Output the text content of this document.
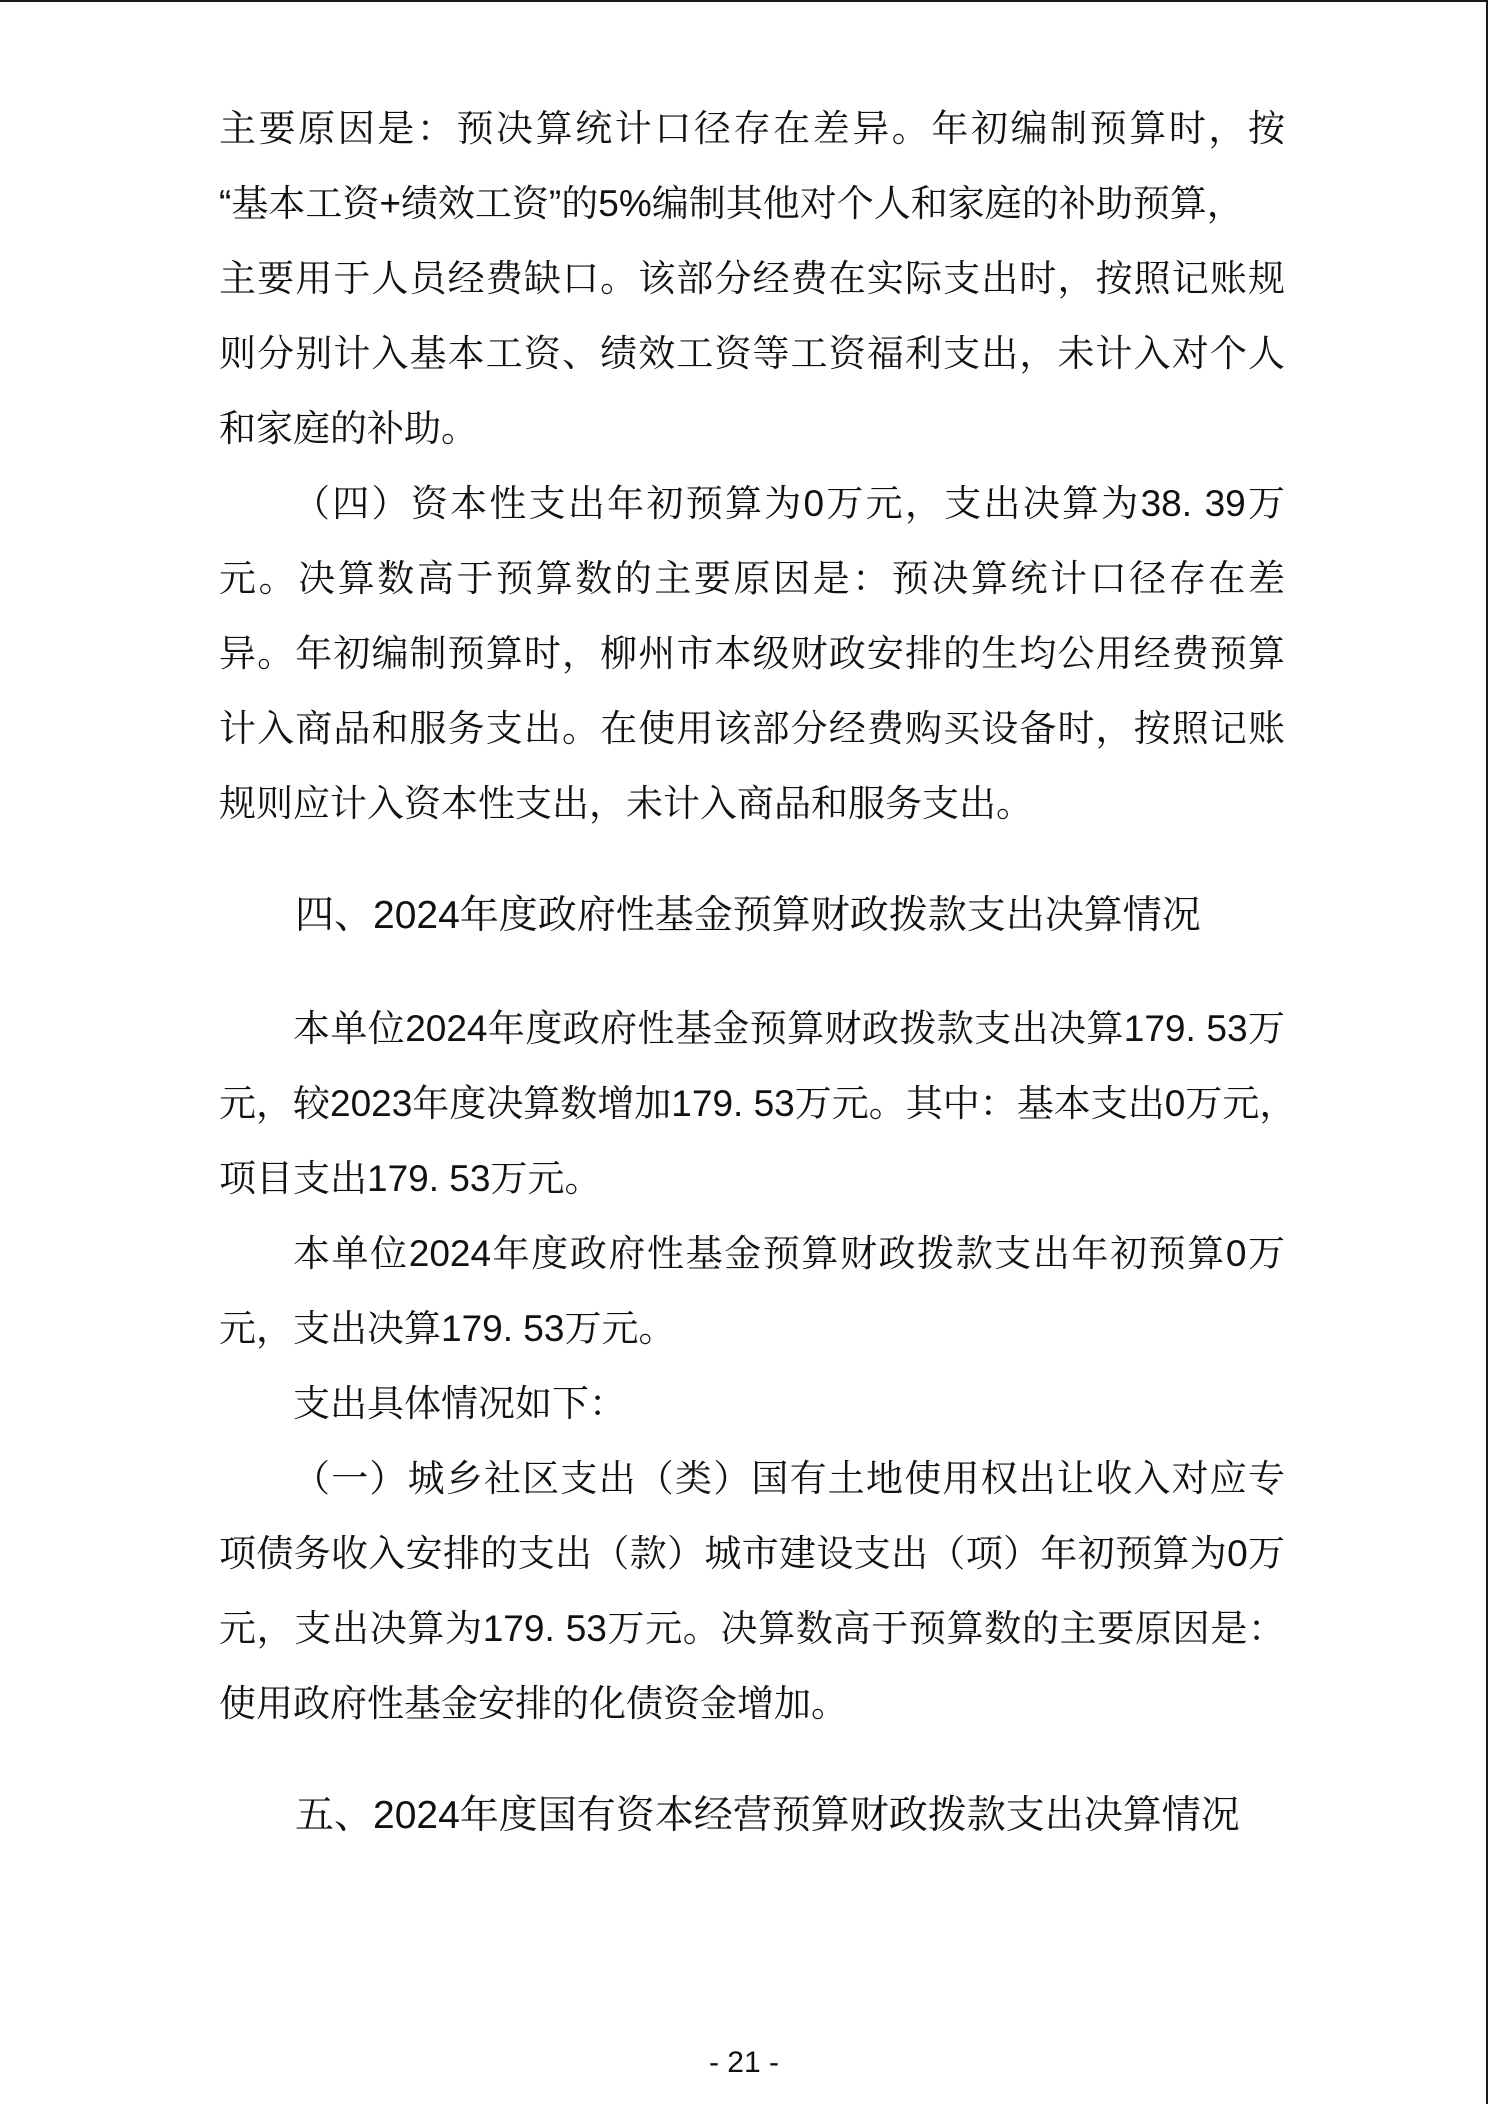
主要原因是：预决算统计口径存在差异。年初编制预算时，按
“基本工资+绩效工资”的5%编制其他对个人和家庭的补助预算，
主要用于人员经费缺口。该部分经费在实际支出时，按照记账规
则分别计入基本工资、绩效工资等工资福利支出，未计入对个人
和家庭的补助。
（四）资本性支出年初预算为0万元，支出决算为38. 39万
元。决算数高于预算数的主要原因是：预决算统计口径存在差
异。年初编制预算时，柳州市本级财政安排的生均公用经费预算
计入商品和服务支出。在使用该部分经费购买设备时，按照记账
规则应计入资本性支出，未计入商品和服务支出。
四、2024年度政府性基金预算财政拨款支出决算情况
本单位2024年度政府性基金预算财政拨款支出决算179. 53万
元，较2023年度决算数增加179. 53万元。其中：基本支出0万元，
项目支出179. 53万元。
本单位2024年度政府性基金预算财政拨款支出年初预算0万
元，支出决算179. 53万元。
支出具体情况如下：
（一）城乡社区支出（类）国有土地使用权出让收入对应专
项债务收入安排的支出（款）城市建设支出（项）年初预算为0万
元，支出决算为179. 53万元。决算数高于预算数的主要原因是：
使用政府性基金安排的化债资金增加。
五、2024年度国有资本经营预算财政拨款支出决算情况
- 21 -
